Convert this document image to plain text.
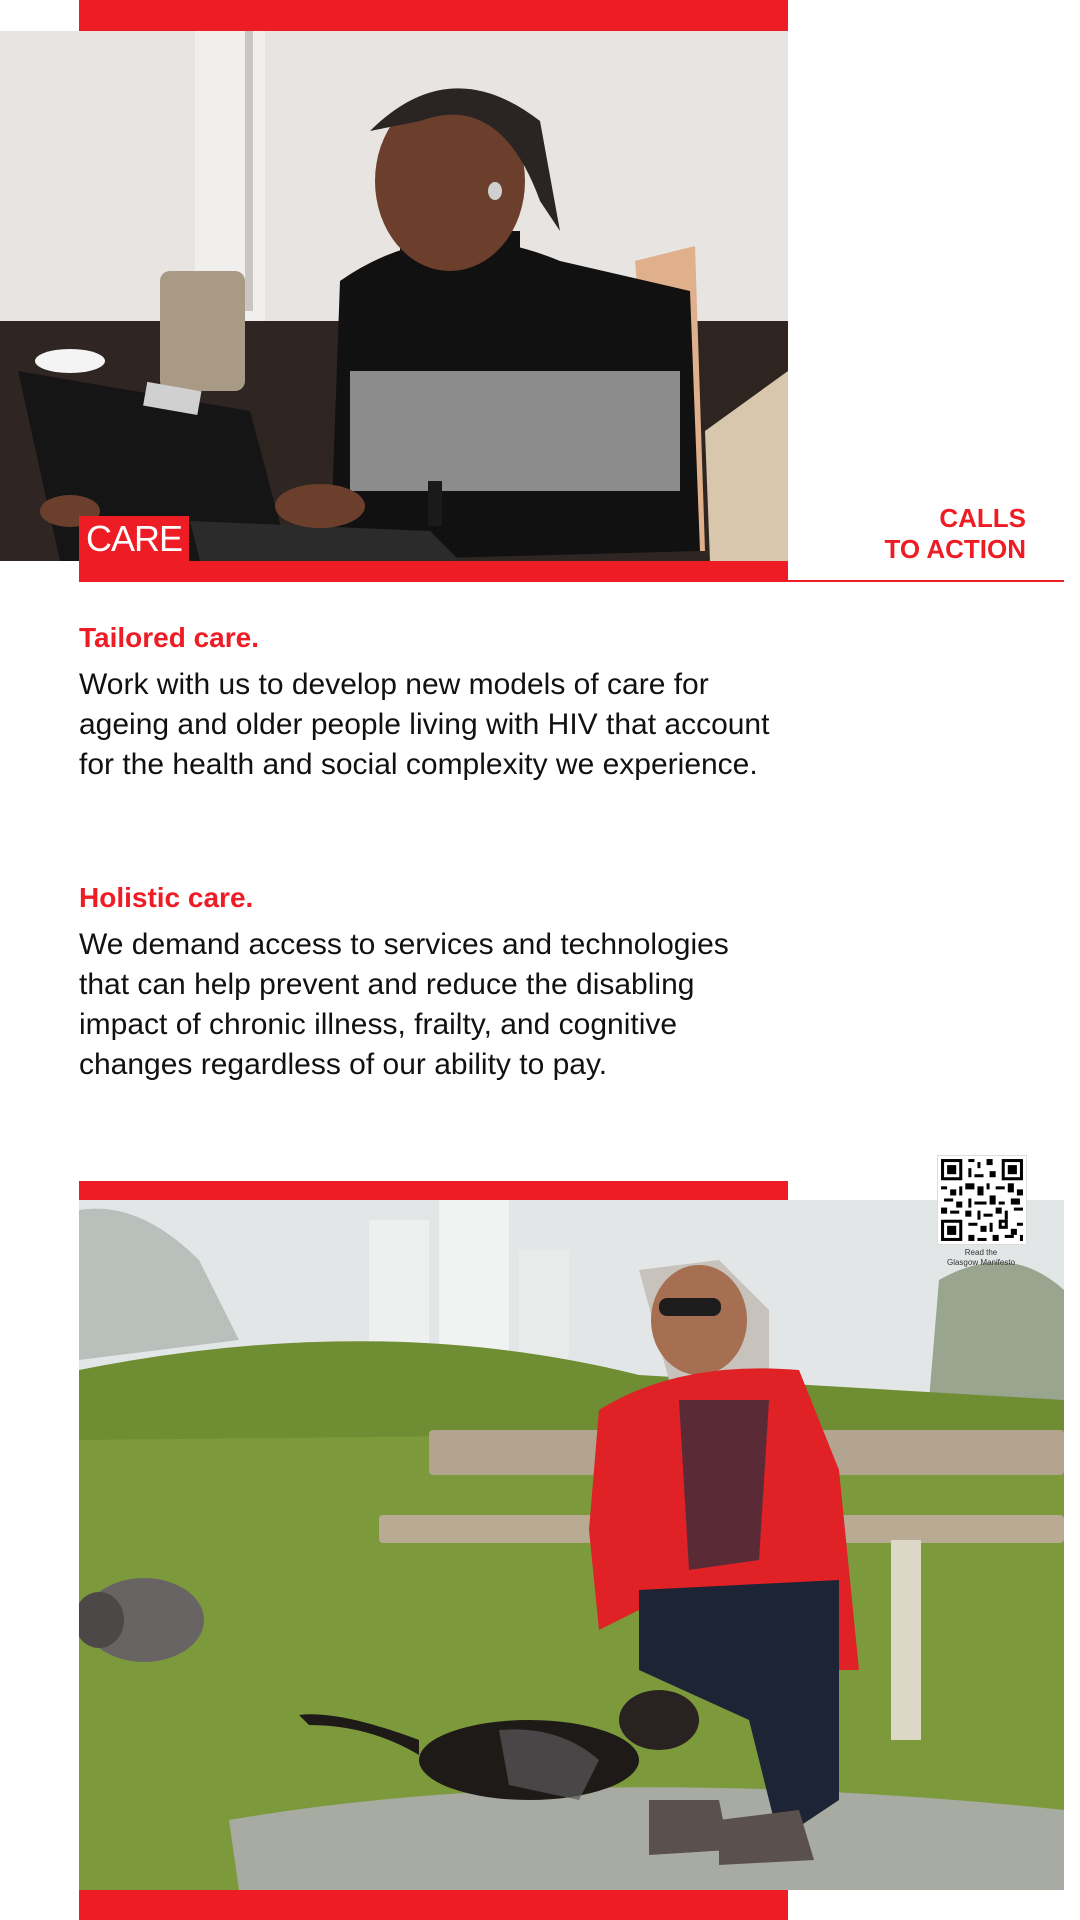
CALLS
TO ACTION
CARE
Tailored care.

Work with us to develop new models of care for ageing and older people living with HIV that account for the health and social complexity we experience.

Holistic care.

We demand access to services and technologies that can help prevent and reduce the disabling impact of chronic illness, frailty, and cognitive changes regardless of our ability to pay.

Read the
Glasgow Manifesto
